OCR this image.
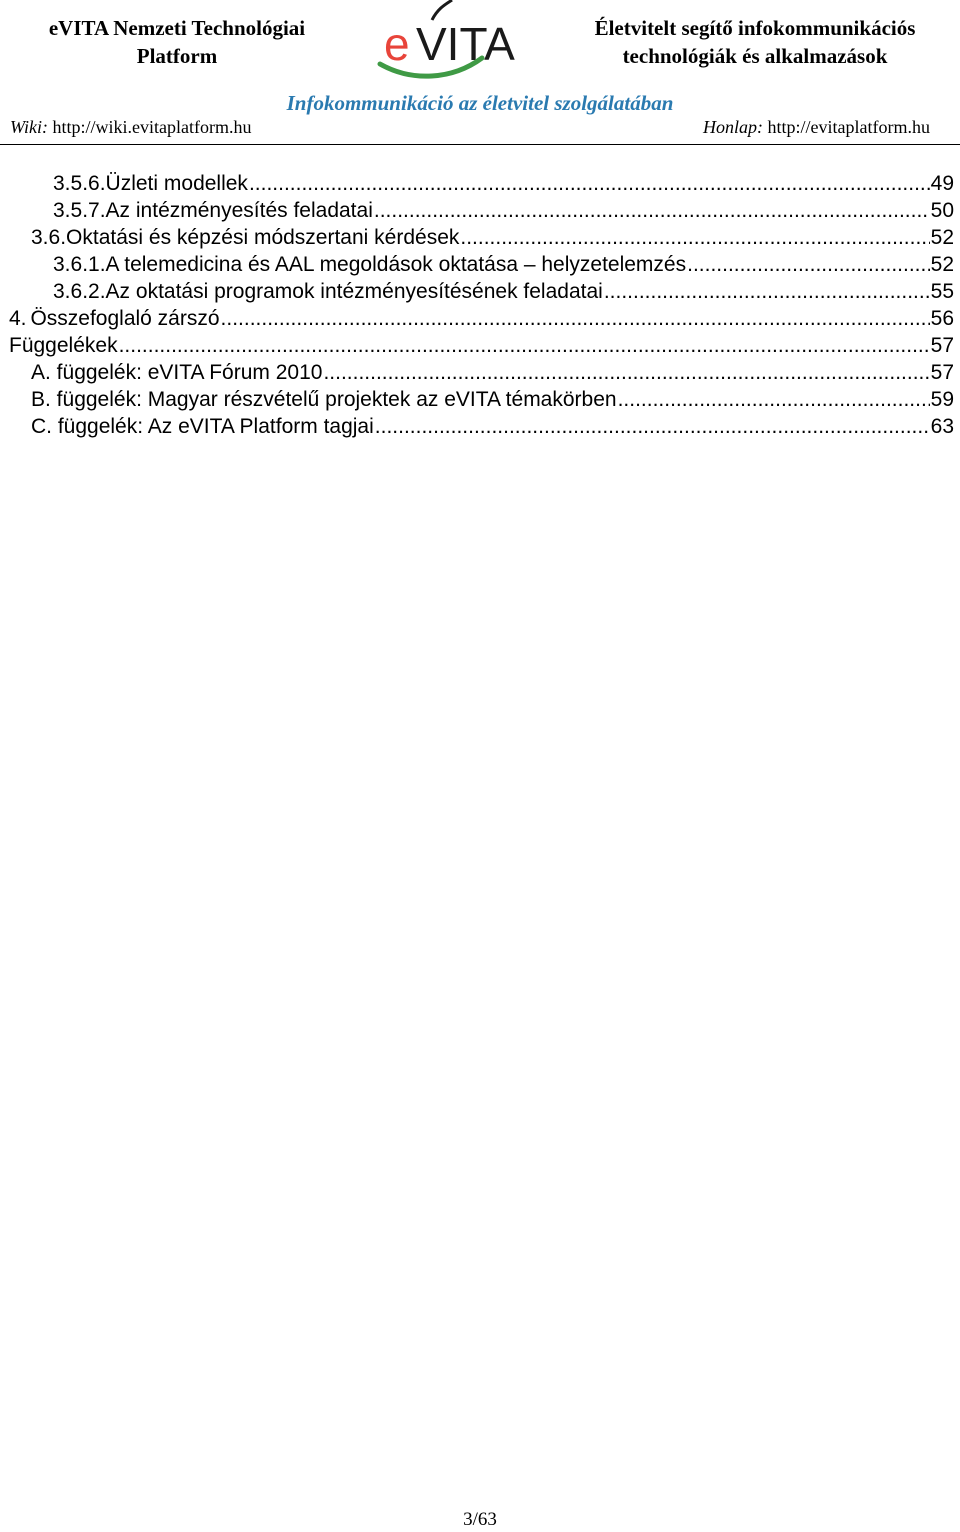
eVITA Nemzeti Technológiai
Platform	e VITA	Életvitelt segítő infokommunikációs
technológiák és alkalmazások
Infokommunikáció az életvitel szolgálatában
Wiki: http://wiki.evitaplatform.hu	Honlap: http://evitaplatform.hu
3.5.6. Üzleti modellek .....	49
3.5.7. Az intézményesítés feladatai .....	50
3.6. Oktatási és képzési módszertani kérdések .....	52
3.6.1. A telemedicina és AAL megoldások oktatása – helyzetelemzés .....	52
3.6.2. Az oktatási programok intézményesítésének feladatai .....	55
4. Összefoglaló zárszó .....	56
Függelékek .....	57
A. függelék: eVITA Fórum 2010 .....	57
B. függelék: Magyar részvételű projektek az eVITA témakörben .....	59
C. függelék: Az eVITA Platform tagjai .....	63
3/63
